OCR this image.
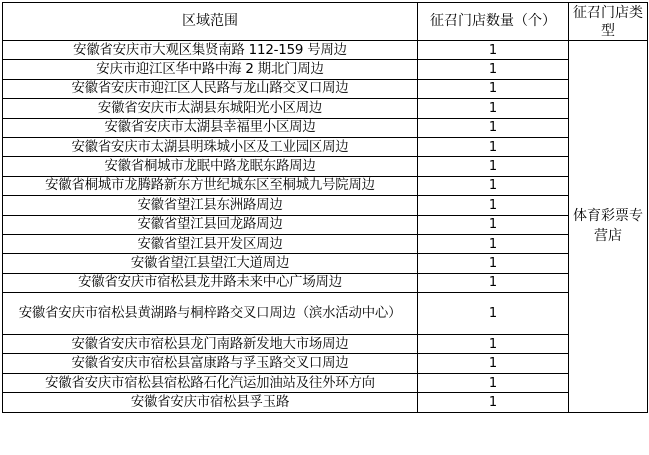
区域范围	征召门店数量（个）	征召门店类型
安徽省安庆市大观区集贤南路 112-159 号周边	1	体育彩票专营店
安庆市迎江区华中路中海 2 期北门周边	1	
安徽省安庆市迎江区人民路与龙山路交叉口周边	1	
安徽省安庆市太湖县东城阳光小区周边	1	
安徽省安庆市太湖县幸福里小区周边	1	
安徽省安庆市太湖县明珠城小区及工业园区周边	1	
安徽省桐城市龙眠中路龙眠东路周边	1	
安徽省桐城市龙腾路新东方世纪城东区至桐城九号院周边	1	
安徽省望江县东洲路周边	1	
安徽省望江县回龙路周边	1	
安徽省望江县开发区周边	1	
安徽省望江县望江大道周边	1	
安徽省安庆市宿松县龙井路未来中心广场周边	1	
安徽省安庆市宿松县黄湖路与桐梓路交叉口周边（滨水活动中心）	1	
安徽省安庆市宿松县龙门南路新发地大市场周边	1	
安徽省安庆市宿松县富康路与孚玉路交叉口周边	1	
安徽省安庆市宿松县宿松路石化汽运加油站及往外环方向	1	
安徽省安庆市宿松县孚玉路	1	
